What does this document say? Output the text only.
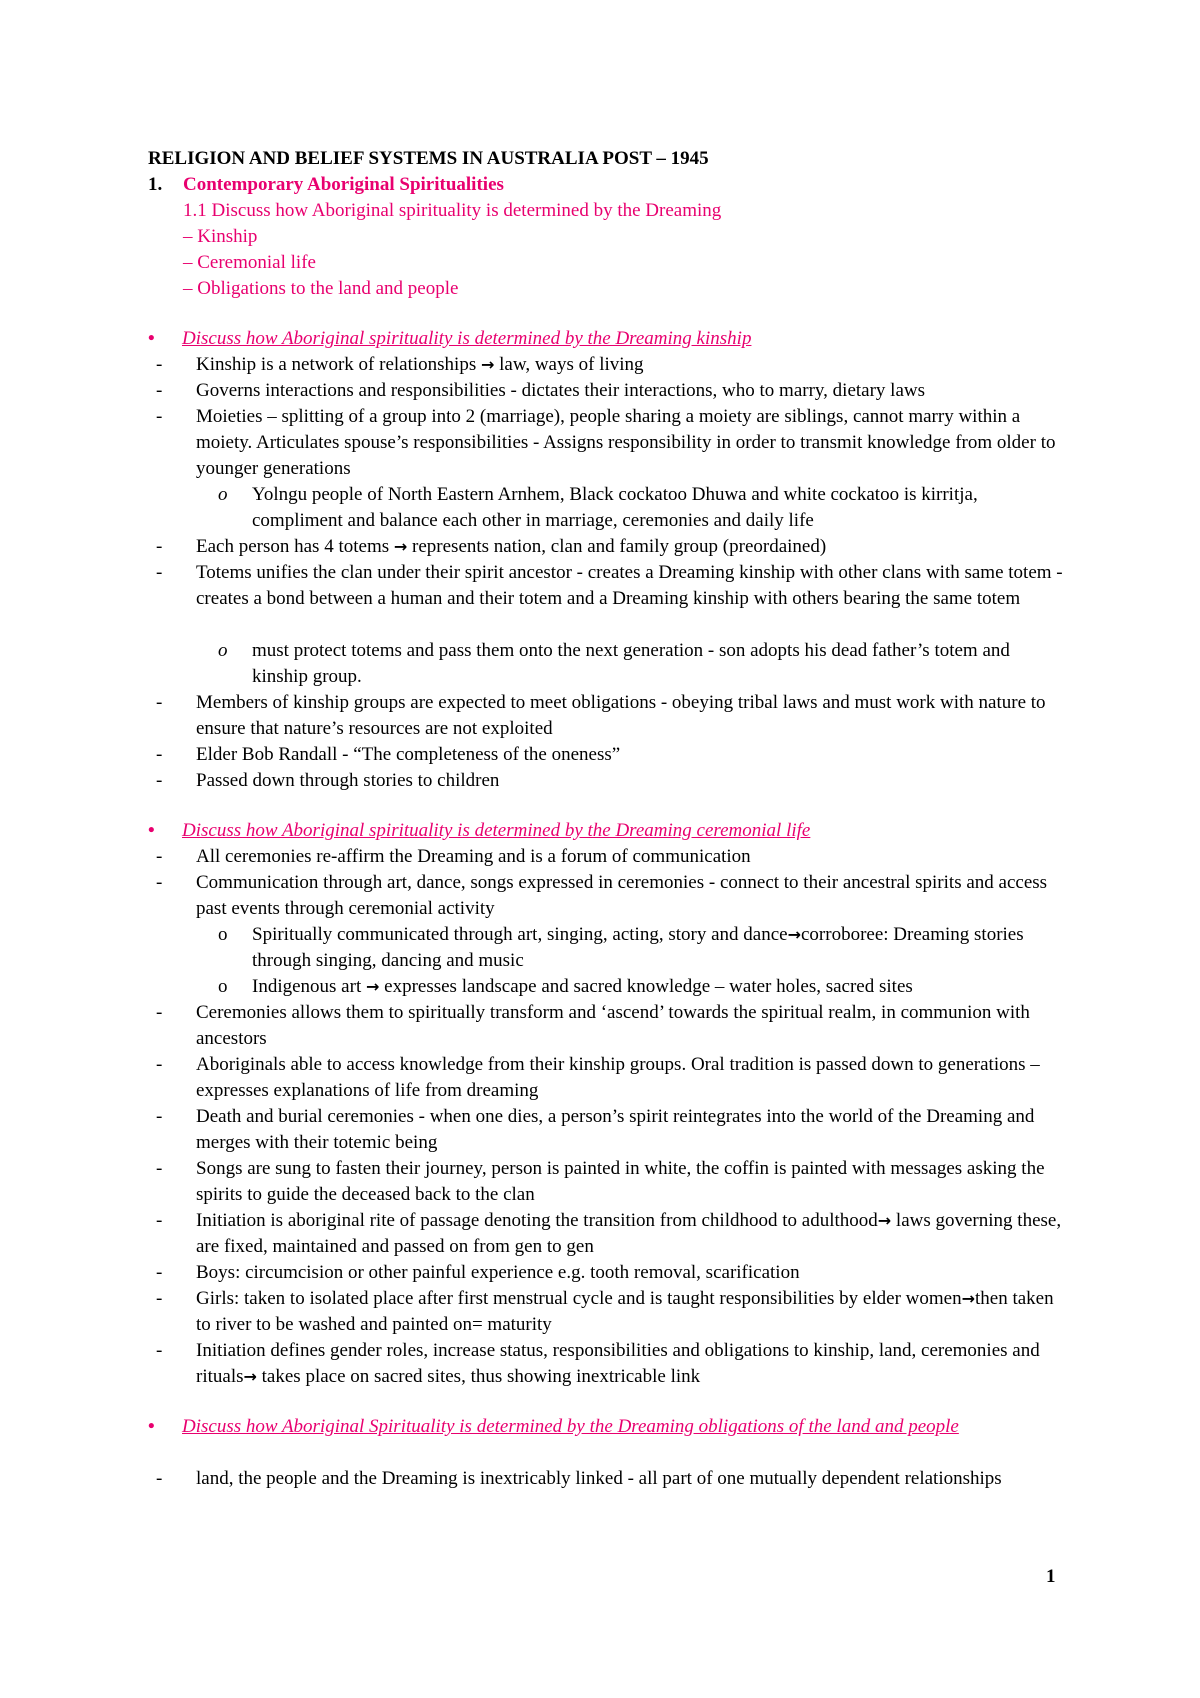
RELIGION AND BELIEF SYSTEMS IN AUSTRALIA POST – 1945
1. Contemporary Aboriginal Spiritualities
1.1 Discuss how Aboriginal spirituality is determined by the Dreaming
– Kinship
– Ceremonial life
– Obligations to the land and people
•	Discuss how Aboriginal spirituality is determined by the Dreaming kinship
- Kinship is a network of relationships → law, ways of living
- Governs interactions and responsibilities - dictates their interactions, who to marry, dietary laws
- Moieties – splitting of a group into 2 (marriage), people sharing a moiety are siblings, cannot marry within a moiety. Articulates spouse’s responsibilities - Assigns responsibility in order to transmit knowledge from older to younger generations
o Yolngu people of North Eastern Arnhem, Black cockatoo Dhuwa and white cockatoo is kirritja, compliment and balance each other in marriage, ceremonies and daily life
- Each person has 4 totems → represents nation, clan and family group (preordained)
- Totems unifies the clan under their spirit ancestor - creates a Dreaming kinship with other clans with same totem - creates a bond between a human and their totem and a Dreaming kinship with others bearing the same totem
o must protect totems and pass them onto the next generation - son adopts his dead father’s totem and kinship group.
- Members of kinship groups are expected to meet obligations - obeying tribal laws and must work with nature to ensure that nature’s resources are not exploited
- Elder Bob Randall - “The completeness of the oneness”
- Passed down through stories to children
•	Discuss how Aboriginal spirituality is determined by the Dreaming ceremonial life
- All ceremonies re-affirm the Dreaming and is a forum of communication
- Communication through art, dance, songs expressed in ceremonies - connect to their ancestral spirits and access past events through ceremonial activity
o Spiritually communicated through art, singing, acting, story and dance→corroboree: Dreaming stories through singing, dancing and music
o Indigenous art → expresses landscape and sacred knowledge – water holes, sacred sites
- Ceremonies allows them to spiritually transform and ‘ascend’ towards the spiritual realm, in communion with ancestors
- Aboriginals able to access knowledge from their kinship groups. Oral tradition is passed down to generations – expresses explanations of life from dreaming
- Death and burial ceremonies - when one dies, a person’s spirit reintegrates into the world of the Dreaming and merges with their totemic being
- Songs are sung to fasten their journey, person is painted in white, the coffin is painted with messages asking the spirits to guide the deceased back to the clan
- Initiation is aboriginal rite of passage denoting the transition from childhood to adulthood→ laws governing these, are fixed, maintained and passed on from gen to gen
- Boys: circumcision or other painful experience e.g. tooth removal, scarification
- Girls: taken to isolated place after first menstrual cycle and is taught responsibilities by elder women→then taken to river to be washed and painted on= maturity
- Initiation defines gender roles, increase status, responsibilities and obligations to kinship, land, ceremonies and rituals→ takes place on sacred sites, thus showing inextricable link
•	Discuss how Aboriginal Spirituality is determined by the Dreaming obligations of the land and people
- land, the people and the Dreaming is inextricably linked - all part of one mutually dependent relationships
1
